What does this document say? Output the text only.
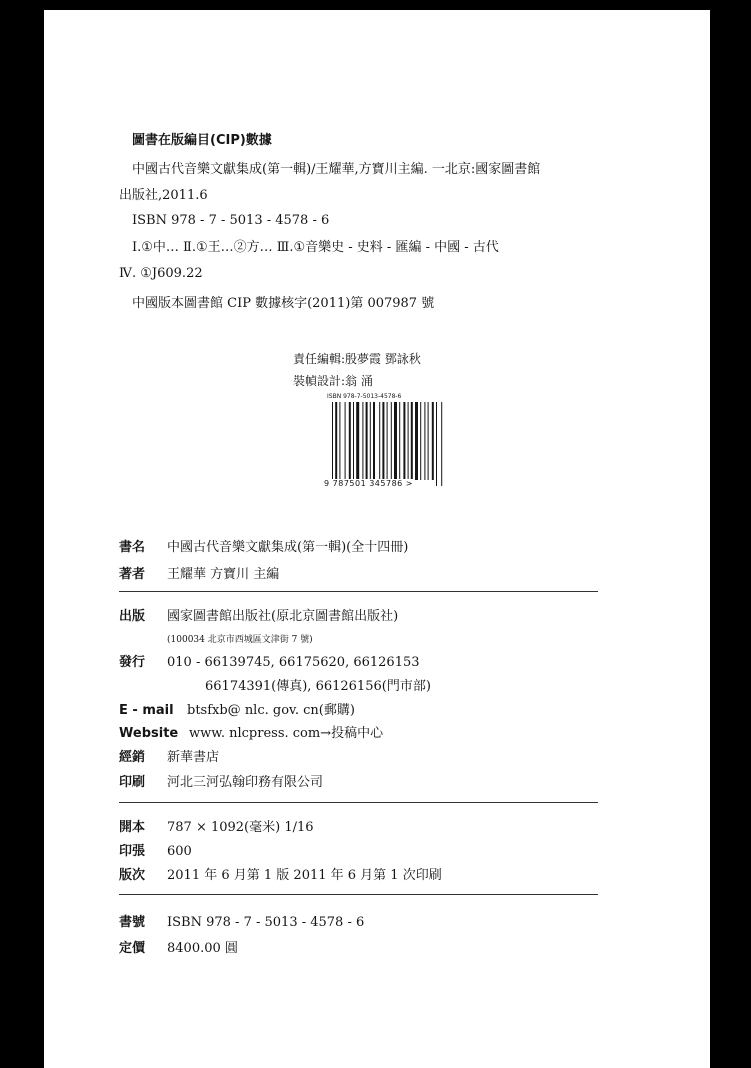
圖書在版編目(CIP)數據

中國古代音樂文獻集成(第一輯)/王耀華,方寶川主編. 一北京:國家圖書館

出版社,2011.6

ISBN 978 - 7 - 5013 - 4578 - 6

Ⅰ.①中… Ⅱ.①王…②方… Ⅲ.①音樂史 - 史料 - 匯編 - 中國 - 古代

Ⅳ. ①J609.22

中國版本圖書館 CIP 數據核字(2011)第 007987 號

責任編輯:殷夢霞 鄧詠秋

裝幀設計:翁 涌

ISBN 978-7-5013-4578-6

9 787501 345786 >

書名 中國古代音樂文獻集成(第一輯)(全十四冊)

著者 王耀華 方寶川 主編

出版 國家圖書館出版社(原北京圖書館出版社)

(100034 北京市西城區文津街 7 號)

發行 010 - 66139745, 66175620, 66126153

66174391(傳真), 66126156(門市部)

E - mail btsfxb@ nlc. gov. cn(郵購)

Website www. nlcpress. com→投稿中心

經銷 新華書店

印刷 河北三河弘翰印務有限公司

開本 787 × 1092(毫米) 1/16

印張 600

版次 2011 年 6 月第 1 版 2011 年 6 月第 1 次印刷

書號 ISBN 978 - 7 - 5013 - 4578 - 6

定價 8400.00 圓
